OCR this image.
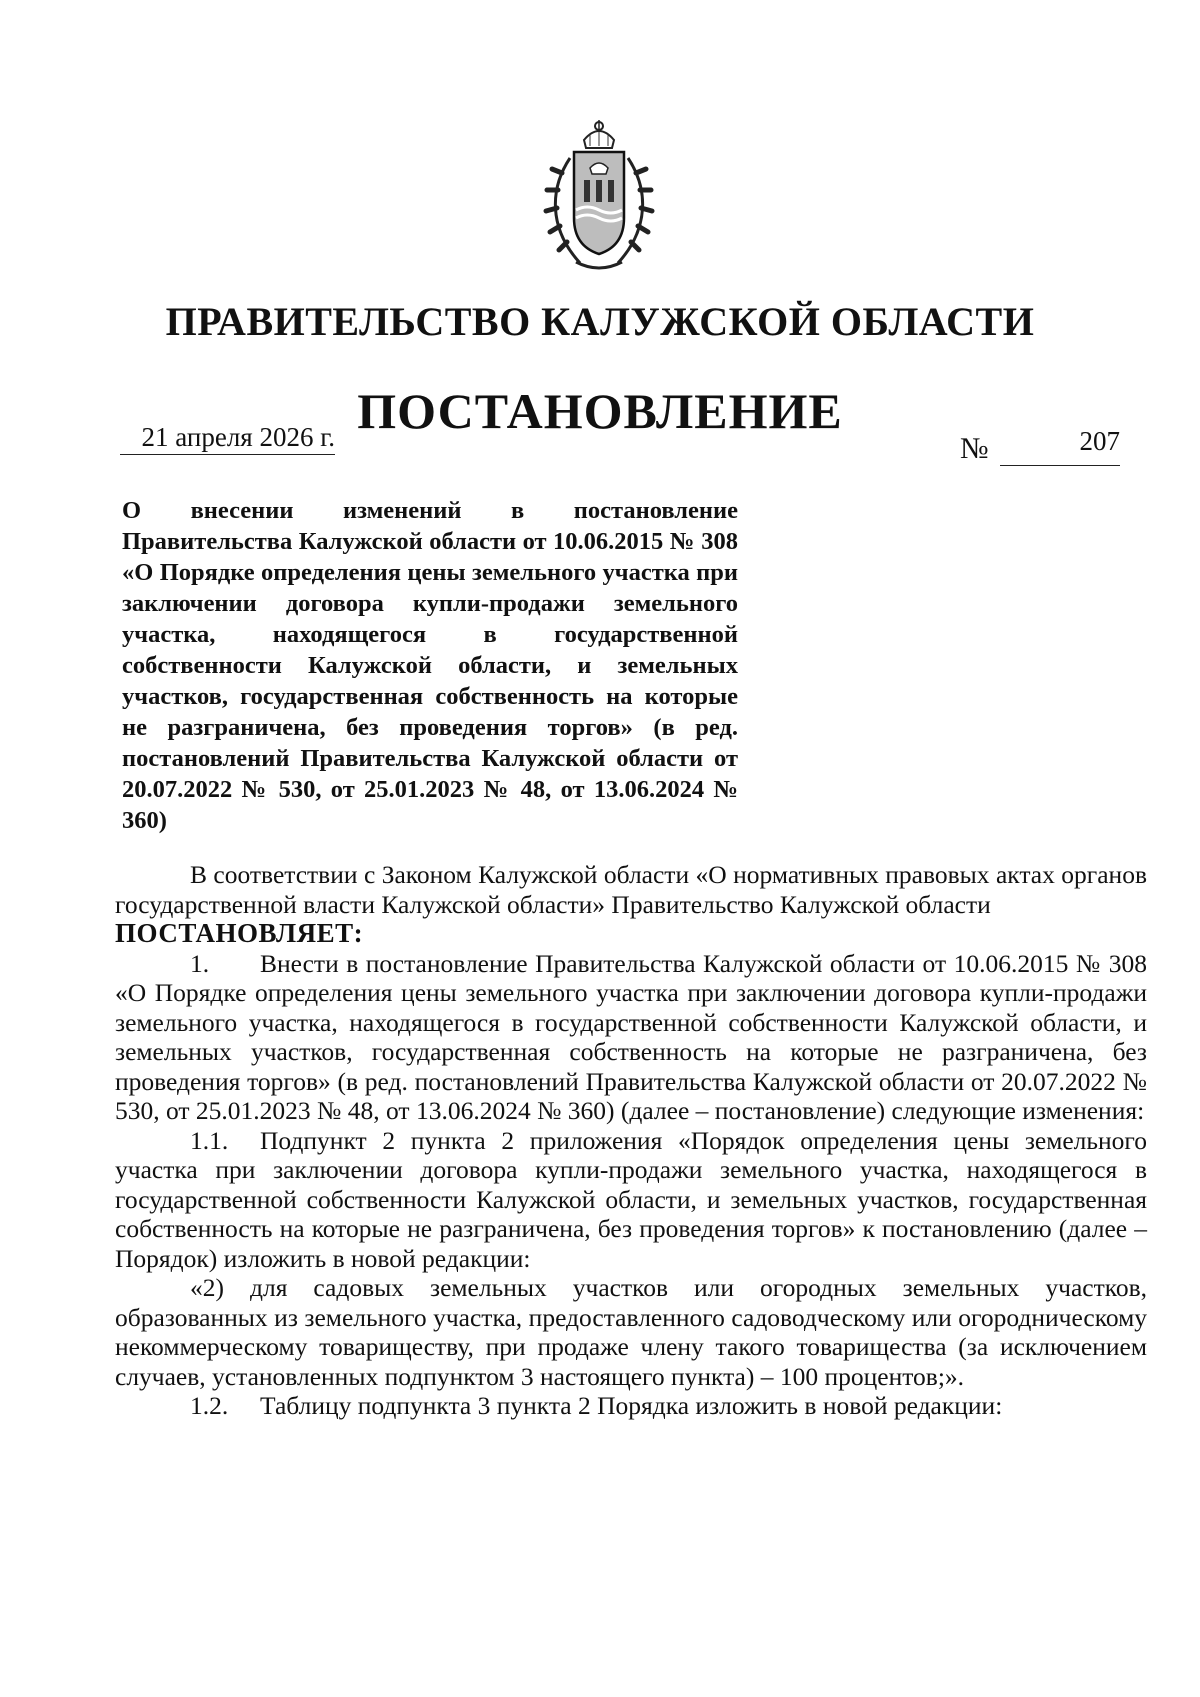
ПРАВИТЕЛЬСТВО КАЛУЖСКОЙ ОБЛАСТИ
ПОСТАНОВЛЕНИЕ
21 апреля 2026 г.	№	207

О внесении изменений в постановление Правительства Калужской области от 10.06.2015 № 308 «О Порядке определения цены земельного участка при заключении договора купли-продажи земельного участка, находящегося в государственной собственности Калужской области, и земельных участков, государственная собственность на которые не разграничена, без проведения торгов» (в ред. постановлений Правительства Калужской области от 20.07.2022 № 530, от 25.01.2023 № 48, от 13.06.2024 № 360)

В соответствии с Законом Калужской области «О нормативных правовых актах органов государственной власти Калужской области» Правительство Калужской области

ПОСТАНОВЛЯЕТ:

1. Внести в постановление Правительства Калужской области от 10.06.2015 № 308 «О Порядке определения цены земельного участка при заключении договора купли-продажи земельного участка, находящегося в государственной собственности Калужской области, и земельных участков, государственная собственность на которые не разграничена, без проведения торгов» (в ред. постановлений Правительства Калужской области от 20.07.2022 № 530, от 25.01.2023 № 48, от 13.06.2024 № 360) (далее – постановление) следующие изменения:

1.1. Подпункт 2 пункта 2 приложения «Порядок определения цены земельного участка при заключении договора купли-продажи земельного участка, находящегося в государственной собственности Калужской области, и земельных участков, государственная собственность на которые не разграничена, без проведения торгов» к постановлению (далее – Порядок) изложить в новой редакции:

«2) для садовых земельных участков или огородных земельных участков, образованных из земельного участка, предоставленного садоводческому или огородническому некоммерческому товариществу, при продаже члену такого товарищества (за исключением случаев, установленных подпунктом 3 настоящего пункта) – 100 процентов;».

1.2. Таблицу подпункта 3 пункта 2 Порядка изложить в новой редакции:
